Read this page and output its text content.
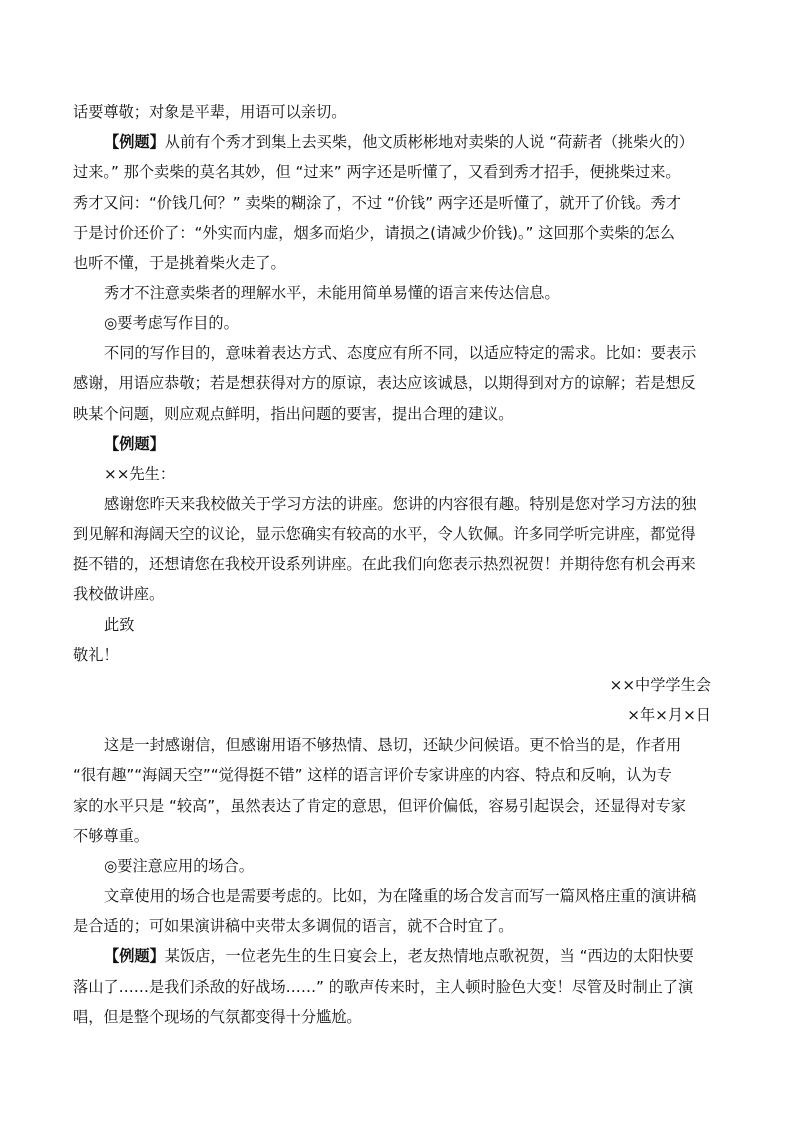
话要尊敬；对象是平辈，用语可以亲切。
【例题】从前有个秀才到集上去买柴，他文质彬彬地对卖柴的人说 “荷薪者（挑柴火的）
过来。” 那个卖柴的莫名其妙，但 “过来” 两字还是听懂了，又看到秀才招手，便挑柴过来。
秀才又问：“价钱几何？” 卖柴的糊涂了，不过 “价钱” 两字还是听懂了，就开了价钱。秀才
于是讨价还价了：“外实而内虚，烟多而焰少，请损之(请减少价钱)。” 这回那个卖柴的怎么
也听不懂，于是挑着柴火走了。
秀才不注意卖柴者的理解水平，未能用简单易懂的语言来传达信息。
◎要考虑写作目的。
不同的写作目的，意味着表达方式、态度应有所不同，以适应特定的需求。比如：要表示
感谢，用语应恭敬；若是想获得对方的原谅，表达应该诚恳，以期得到对方的谅解；若是想反
映某个问题，则应观点鲜明，指出问题的要害，提出合理的建议。
【例题】
××先生：
感谢您昨天来我校做关于学习方法的讲座。您讲的内容很有趣。特别是您对学习方法的独
到见解和海阔天空的议论，显示您确实有较高的水平，令人钦佩。许多同学听完讲座，都觉得
挺不错的，还想请您在我校开设系列讲座。在此我们向您表示热烈祝贺！并期待您有机会再来
我校做讲座。
此致
敬礼！
××中学学生会
×年×月×日
这是一封感谢信，但感谢用语不够热情、恳切，还缺少问候语。更不恰当的是，作者用
“很有趣”“海阔天空”“觉得挺不错” 这样的语言评价专家讲座的内容、特点和反响，认为专
家的水平只是 “较高”，虽然表达了肯定的意思，但评价偏低，容易引起误会，还显得对专家
不够尊重。
◎要注意应用的场合。
文章使用的场合也是需要考虑的。比如，为在隆重的场合发言而写一篇风格庄重的演讲稿
是合适的；可如果演讲稿中夹带太多调侃的语言，就不合时宜了。
【例题】某饭店，一位老先生的生日宴会上，老友热情地点歌祝贺，当 “西边的太阳快要
落山了……是我们杀敌的好战场……” 的歌声传来时，主人顿时脸色大变！尽管及时制止了演
唱，但是整个现场的气氛都变得十分尴尬。
